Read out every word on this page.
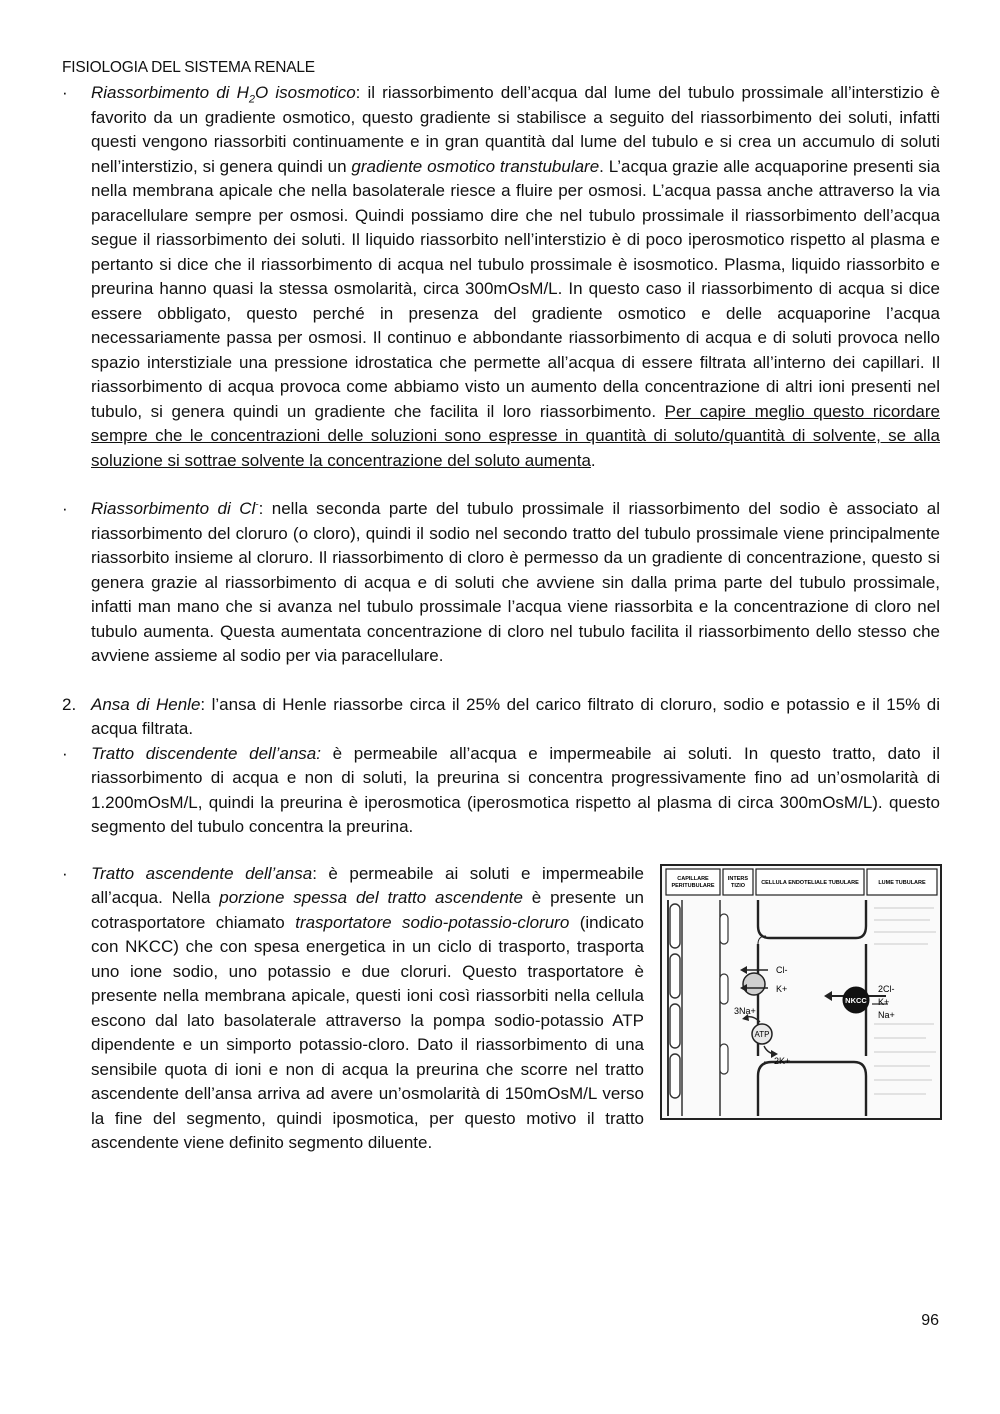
FISIOLOGIA DEL SISTEMA RENALE
·	Riassorbimento di $H_2O$ isosmotico: il riassorbimento dell’acqua dal lume del tubulo prossimale all’interstizio è favorito da un gradiente osmotico, questo gradiente si stabilisce a seguito del riassorbimento dei soluti, infatti questi vengono riassorbiti continuamente e in gran quantità dal lume del tubulo e si crea un accumulo di soluti nell’interstizio, si genera quindi un gradiente osmotico transtubulare. L’acqua grazie alle acquaporine presenti sia nella membrana apicale che nella basolaterale riesce a fluire per osmosi. L’acqua passa anche attraverso la via paracellulare sempre per osmosi. Quindi possiamo dire che nel tubulo prossimale il riassorbimento dell’acqua segue il riassorbimento dei soluti. Il liquido riassorbito nell’interstizio è di poco iperosmotico rispetto al plasma e pertanto si dice che il riassorbimento di acqua nel tubulo prossimale è isosmotico. Plasma, liquido riassorbito e preurina hanno quasi la stessa osmolarità, circa 300mOsM/L. In questo caso il riassorbimento di acqua si dice essere obbligato, questo perché in presenza del gradiente osmotico e delle acquaporine l’acqua necessariamente passa per osmosi. Il continuo e abbondante riassorbimento di acqua e di soluti provoca nello spazio interstiziale una pressione idrostatica che permette all’acqua di essere filtrata all’interno dei capillari. Il riassorbimento di acqua provoca come abbiamo visto un aumento della concentrazione di altri ioni presenti nel tubulo, si genera quindi un gradiente che facilita il loro riassorbimento. Per capire meglio questo ricordare sempre che le concentrazioni delle soluzioni sono espresse in quantità di soluto/quantità di solvente, se alla soluzione si sottrae solvente la concentrazione del soluto aumenta.

·	Riassorbimento di Cl-: nella seconda parte del tubulo prossimale il riassorbimento del sodio è associato al riassorbimento del cloruro (o cloro), quindi il sodio nel secondo tratto del tubulo prossimale viene principalmente riassorbito insieme al cloruro. Il riassorbimento di cloro è permesso da un gradiente di concentrazione, questo si genera grazie al riassorbimento di acqua e di soluti che avviene sin dalla prima parte del tubulo prossimale, infatti man mano che si avanza nel tubulo prossimale l’acqua viene riassorbita e la concentrazione di cloro nel tubulo aumenta. Questa aumentata concentrazione di cloro nel tubulo facilita il riassorbimento dello stesso che avviene assieme al sodio per via paracellulare.

2. Ansa di Henle: l’ansa di Henle riassorbe circa il 25% del carico filtrato di cloruro, sodio e potassio e il 15% di acqua filtrata.

·	Tratto discendente dell’ansa: è permeabile all’acqua e impermeabile ai soluti. In questo tratto, dato il riassorbimento di acqua e non di soluti, la preurina si concentra progressivamente fino ad un’osmolarità di 1.200mOsM/L, quindi la preurina è iperosmotica (iperosmotica rispetto al plasma di circa 300mOsM/L). questo segmento del tubulo concentra la preurina.

·	CAPILLARE
PERITUBULARE
INTERS
TIZIO	CELLULA ENDOTELIALE TUBULARE	LUME TUBULARE
Cl-
K+
ATP
3Na+
2K+
NKCC
2Cl-
K+
Na+

Tratto ascendente dell’ansa: è permeabile ai soluti e impermeabile all’acqua. Nella porzione spessa del tratto ascendente è presente un cotrasportatore chiamato trasportatore sodio-potassio-cloruro (indicato con NKCC) che con spesa energetica in un ciclo di trasporto, trasporta uno ione sodio, uno potassio e due cloruri. Questo trasportatore è presente nella membrana apicale, questi ioni così riassorbiti nella cellula escono dal lato basolaterale attraverso la pompa sodio-potassio ATP dipendente e un simporto potassio-cloro. Dato il riassorbimento di una sensibile quota di ioni e non di acqua la preurina che scorre nel tratto ascendente dell’ansa arriva ad avere un’osmolarità di 150mOsM/L verso la fine del segmento, quindi iposmotica, per questo motivo il tratto ascendente viene definito segmento diluente.

96
